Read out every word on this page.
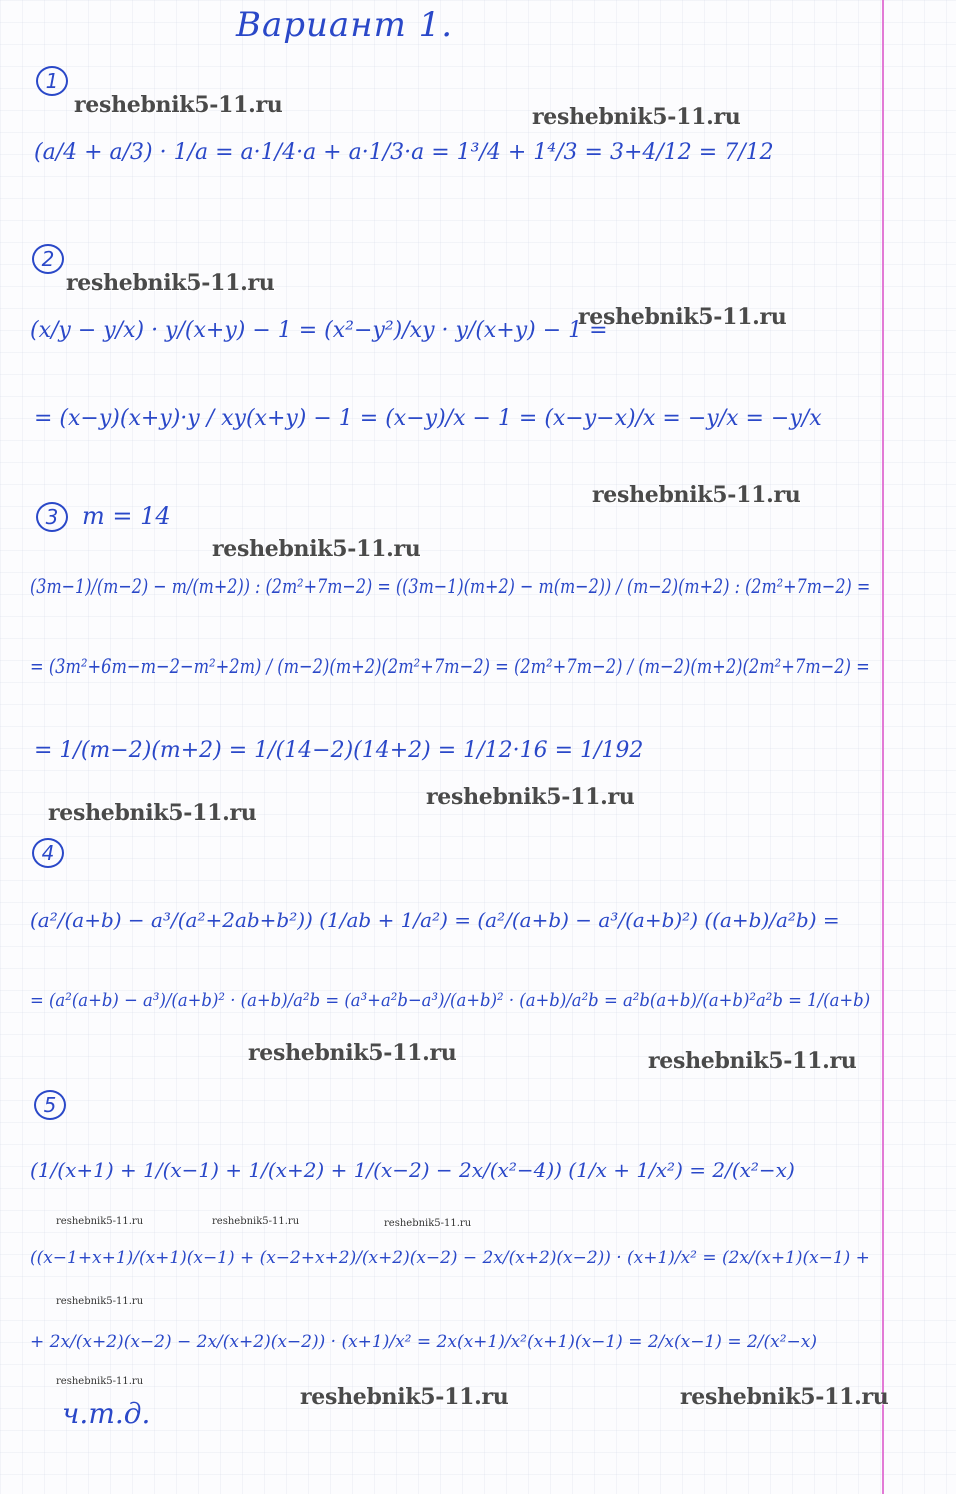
Вариант 1.
1
(a/4 + a/3) · 1/a = a·1/4·a + a·1/3·a = 1³/4 + 1⁴/3 = 3+4/12 = 7/12
2
(x/y − y/x) · y/(x+y) − 1 = (x²−y²)/xy · y/(x+y) − 1 =
= (x−y)(x+y)·y / xy(x+y) − 1 = (x−y)/x − 1 = (x−y−x)/x = −y/x = −y/x
3 m = 14
(3m−1)/(m−2) − m/(m+2)) : (2m²+7m−2) = ((3m−1)(m+2) − m(m−2)) / (m−2)(m+2) : (2m²+7m−2) =
= (3m²+6m−m−2−m²+2m) / (m−2)(m+2)(2m²+7m−2) = (2m²+7m−2) / (m−2)(m+2)(2m²+7m−2) =
= 1/(m−2)(m+2) = 1/(14−2)(14+2) = 1/12·16 = 1/192
4
(a²/(a+b) − a³/(a²+2ab+b²)) (1/ab + 1/a²) = (a²/(a+b) − a³/(a+b)²) ((a+b)/a²b) =
= (a²(a+b) − a³)/(a+b)² · (a+b)/a²b = (a³+a²b−a³)/(a+b)² · (a+b)/a²b = a²b(a+b)/(a+b)²a²b = 1/(a+b)
5
(1/(x+1) + 1/(x−1) + 1/(x+2) + 1/(x−2) − 2x/(x²−4)) (1/x + 1/x²) = 2/(x²−x)
((x−1+x+1)/(x+1)(x−1) + (x−2+x+2)/(x+2)(x−2) − 2x/(x+2)(x−2)) · (x+1)/x² = (2x/(x+1)(x−1) +
+ 2x/(x+2)(x−2) − 2x/(x+2)(x−2)) · (x+1)/x² = 2x(x+1)/x²(x+1)(x−1) = 2/x(x−1) = 2/(x²−x)
ч.т.д.
reshebnik5-11.ru	reshebnik5-11.ru
reshebnik5-11.ru
reshebnik5-11.ru
reshebnik5-11.ru
reshebnik5-11.ru
reshebnik5-11.ru
reshebnik5-11.ru
reshebnik5-11.ru	reshebnik5-11.ru
reshebnik5-11.ru	reshebnik5-11.ru	reshebnik5-11.ru
reshebnik5-11.ru
reshebnik5-11.ru
reshebnik5-11.ru	reshebnik5-11.ru
